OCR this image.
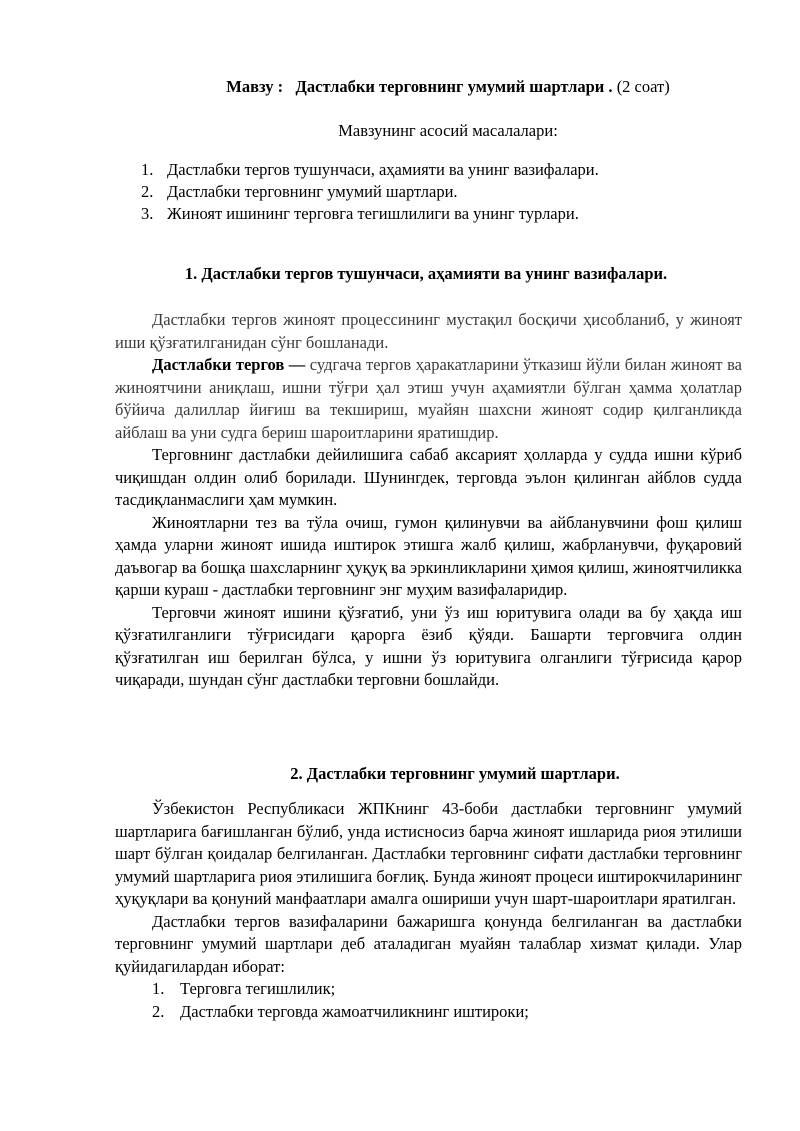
Мавзу : Дастлабки терговнинг умумий шартлари . (2 соат)
Мавзунинг асосий масалалари:
1. Дастлабки тергов тушунчаси, аҳамияти ва унинг вазифалари.
2. Дастлабки терговнинг умумий шартлари.
3. Жиноят ишининг терговга тегишлилиги ва унинг турлари.
1. Дастлабки тергов тушунчаси, аҳамияти ва унинг вазифалари.

Дастлабки тергов жиноят процессининг мустақил босқичи ҳисобланиб, у жиноят иши қўзғатилганидан сўнг бошланади.

Дастлабки тергов — судгача тергов ҳаракатларини ўтказиш йўли билан жиноят ва жиноятчини аниқлаш, ишни тўғри ҳал этиш учун аҳамиятли бўлган ҳамма ҳолатлар бўйича далиллар йиғиш ва текшириш, муайян шахсни жиноят содир қилганликда айблаш ва уни судга бериш шароитларини яратишдир.

Терговнинг дастлабки дейилишига сабаб аксарият ҳолларда у судда ишни кўриб чиқишдан олдин олиб борилади. Шунингдек, терговда эълон қилинган айблов судда тасдиқланмаслиги ҳам мумкин.

Жиноятларни тез ва тўла очиш, гумон қилинувчи ва айбланувчини фош қилиш ҳамда уларни жиноят ишида иштирок этишга жалб қилиш, жабрланувчи, фуқаровий даъвогар ва бошқа шахсларнинг ҳуқуқ ва эркинликларини ҳимоя қилиш, жиноятчиликка қарши кураш - дастлабки терговнинг энг муҳим вазифаларидир.

Терговчи жиноят ишини қўзғатиб, уни ўз иш юритувига олади ва бу ҳақда иш қўзғатилганлиги тўғрисидаги қарорга ёзиб қўяди. Башарти терговчига олдин қўзғатилган иш берилган бўлса, у ишни ўз юритувига олганлиги тўғрисида қарор чиқаради, шундан сўнг дастлабки терговни бошлайди.

2. Дастлабки терговнинг умумий шартлари.

Ўзбекистон Республикаси ЖПКнинг 43-боби дастлабки терговнинг умумий шартларига бағишланган бўлиб, унда истисносиз барча жиноят ишларида риоя этилиши шарт бўлган қоидалар белгиланган. Дастлабки терговнинг сифати дастлабки терговнинг умумий шартларига риоя этилишига боғлиқ. Бунда жиноят процеси иштирокчиларининг ҳуқуқлари ва қонуний манфаатлари амалга ошириши учун шарт-шароитлари яратилган.

Дастлабки тергов вазифаларини бажаришга қонунда белгиланган ва дастлабки терговнинг умумий шартлари деб аталадиган муайян талаблар хизмат қилади. Улар қуйидагилардан иборат:

1. Терговга тегишлилик;
2. Дастлабки терговда жамоатчиликнинг иштироки;
